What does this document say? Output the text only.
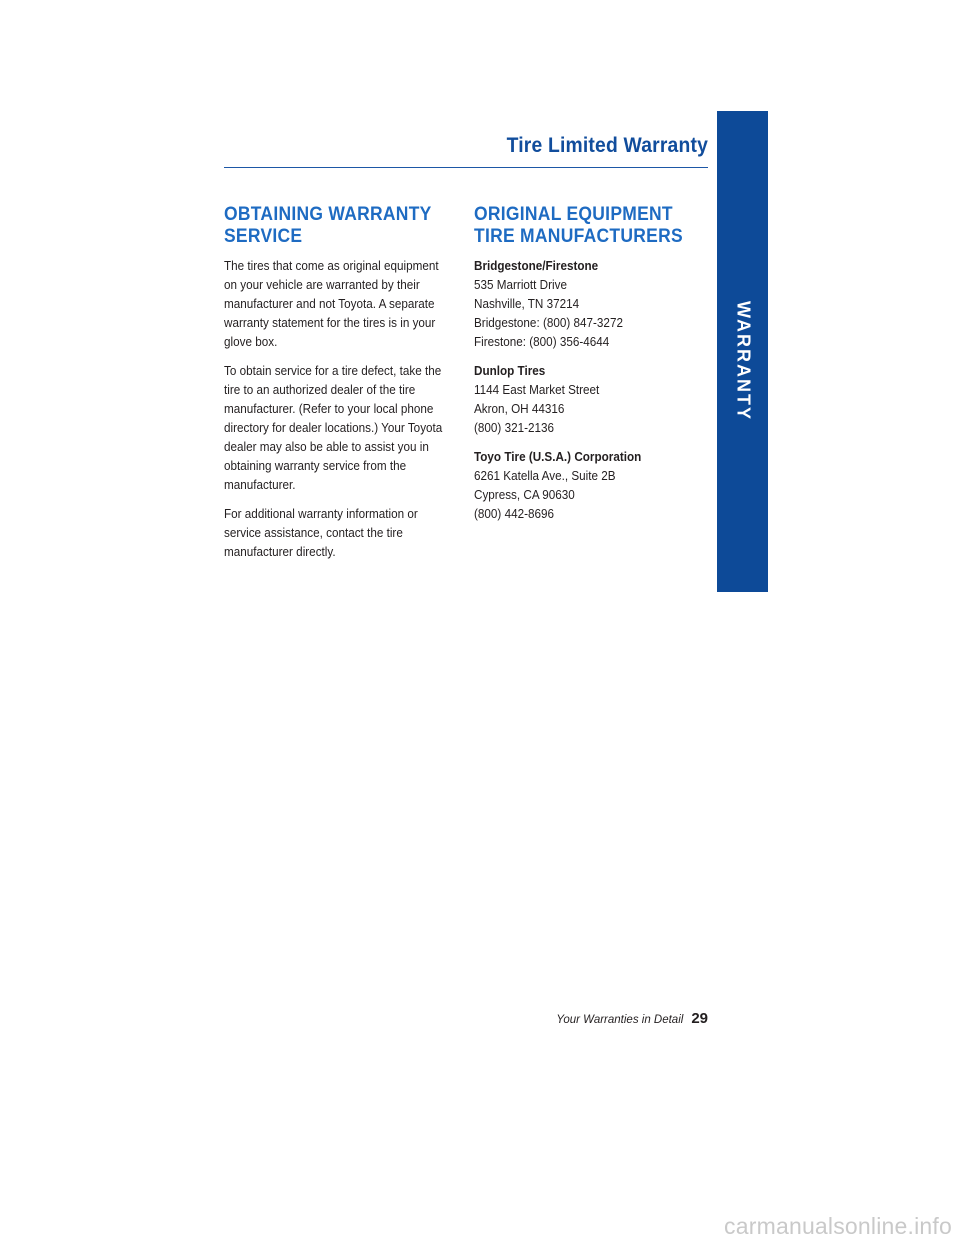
Tire Limited Warranty
WARRANTY
OBTAINING WARRANTY
SERVICE

The tires that come as original equipment
on your vehicle are warranted by their
manufacturer and not Toyota. A separate
warranty statement for the tires is in your
glove box.

To obtain service for a tire defect, take the
tire to an authorized dealer of the tire
manufacturer. (Refer to your local phone
directory for dealer locations.) Your Toyota
dealer may also be able to assist you in
obtaining warranty service from the
manufacturer.

For additional warranty information or
service assistance, contact the tire
manufacturer directly.

ORIGINAL EQUIPMENT
TIRE MANUFACTURERS
Bridgestone/Firestone
535 Marriott Drive
Nashville, TN 37214
Bridgestone: (800) 847-3272
Firestone: (800) 356-4644
Dunlop Tires
1144 East Market Street
Akron, OH 44316
(800) 321-2136
Toyo Tire (U.S.A.) Corporation
6261 Katella Ave., Suite 2B
Cypress, CA 90630
(800) 442-8696
Your Warranties in Detail 29
carmanualsonline.info
